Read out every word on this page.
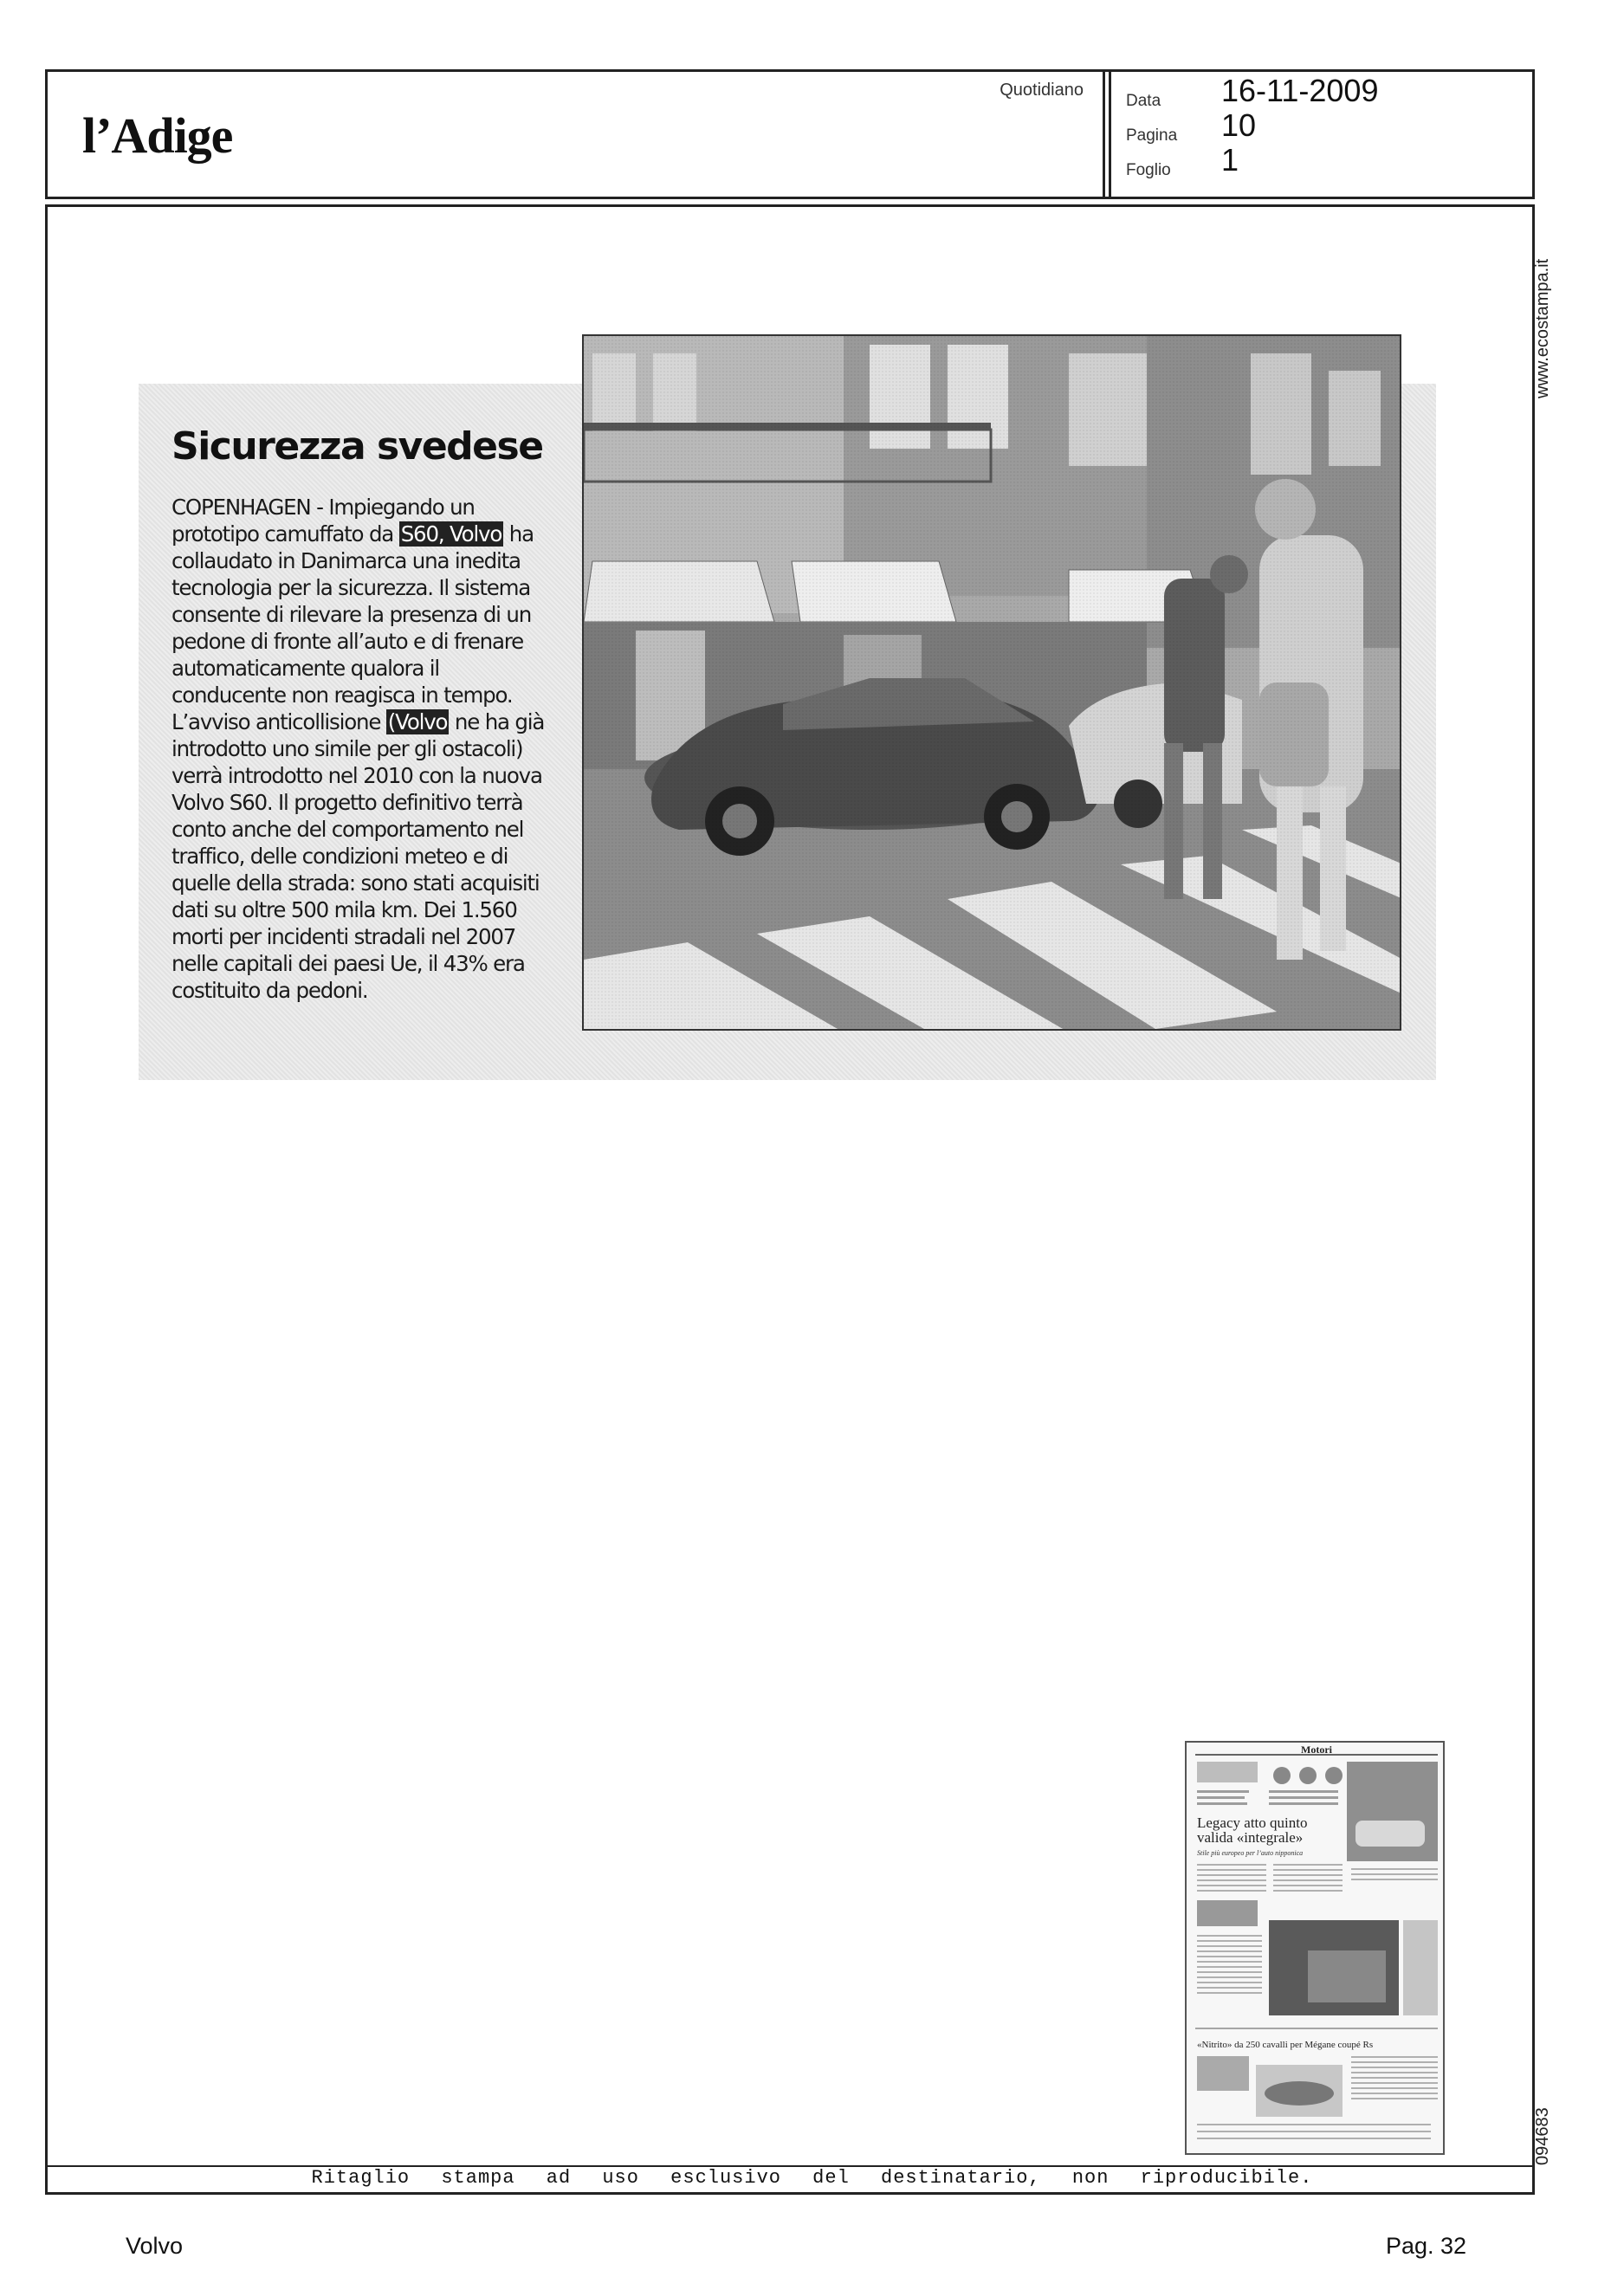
l’Adige
Quotidiano
Data
Pagina
Foglio
16-11-2009
10
1
www.ecostampa.it
Sicurezza svedese
COPENHAGEN - Impiegando un prototipo camuffato da S60, Volvo ha collaudato in Danimarca una inedita tecnologia per la sicurezza. Il sistema consente di rilevare la presenza di un pedone di fronte all’auto e di frenare automaticamente qualora il conducente non reagisca in tempo. L’avviso anticollisione (Volvo ne ha già introdotto uno simile per gli ostacoli) verrà introdotto nel 2010 con la nuova Volvo S60. Il progetto definitivo terrà conto anche del comportamento nel traffico, delle condizioni meteo e di quelle della strada: sono stati acquisiti dati su oltre 500 mila km. Dei 1.560 morti per incidenti stradali nel 2007 nelle capitali dei paesi Ue, il 43% era costituito da pedoni.
Motori
Legacy atto quinto valida «integrale»
Stile più europeo per l’auto nipponica
«Nitrito» da 250 cavalli per Mégane coupé Rs
094683
Ritaglio stampa ad uso esclusivo del destinatario, non riproducibile.
Volvo	Pag. 32
